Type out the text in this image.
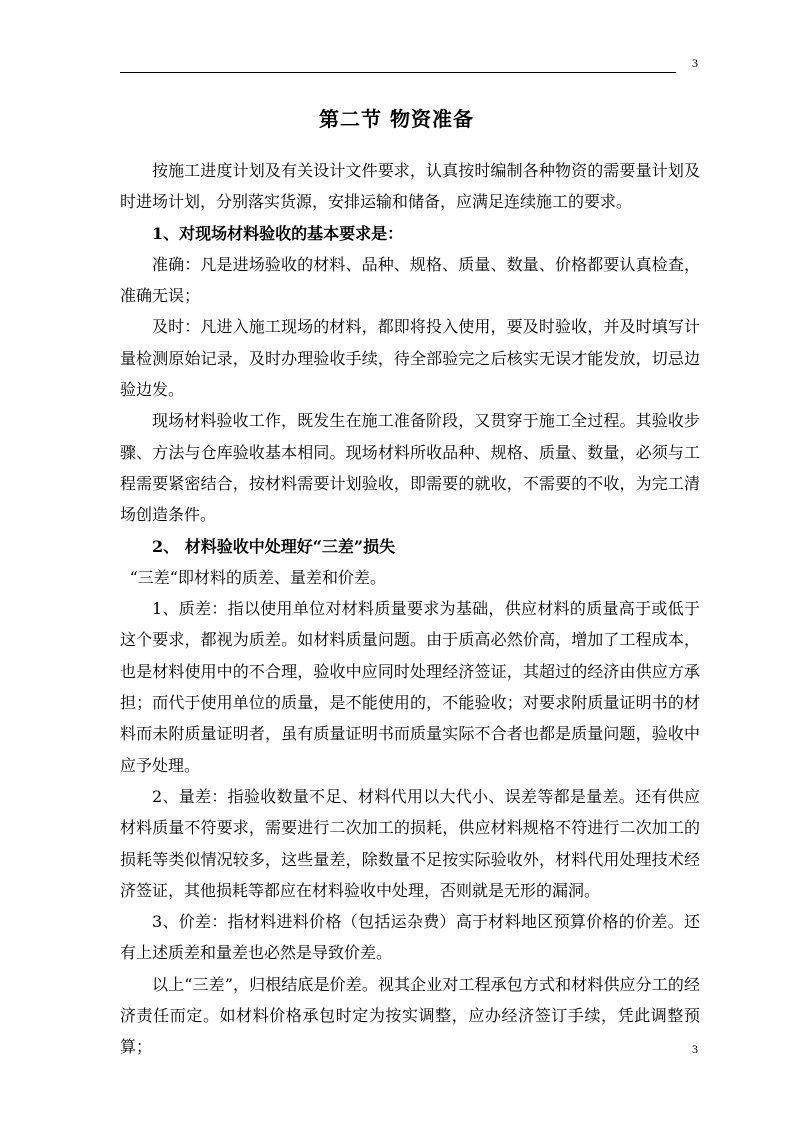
3
第二节 物资准备

按施工进度计划及有关设计文件要求，认真按时编制各种物资的需要量计划及时进场计划，分别落实货源，安排运输和储备，应满足连续施工的要求。

1、对现场材料验收的基本要求是：

准确：凡是进场验收的材料、品种、规格、质量、数量、价格都要认真检查，准确无误；

及时：凡进入施工现场的材料，都即将投入使用，要及时验收，并及时填写计量检测原始记录，及时办理验收手续，待全部验完之后核实无误才能发放，切忌边验边发。

现场材料验收工作，既发生在施工准备阶段，又贯穿于施工全过程。其验收步骤、方法与仓库验收基本相同。现场材料所收品种、规格、质量、数量，必须与工程需要紧密结合，按材料需要计划验收，即需要的就收，不需要的不收，为完工清场创造条件。

2、 材料验收中处理好“三差”损失

“三差“即材料的质差、量差和价差。

1、质差：指以使用单位对材料质量要求为基础，供应材料的质量高于或低于这个要求，都视为质差。如材料质量问题。由于质高必然价高，增加了工程成本，也是材料使用中的不合理，验收中应同时处理经济签证，其超过的经济由供应方承担；而代于使用单位的质量，是不能使用的，不能验收；对要求附质量证明书的材料而未附质量证明者，虽有质量证明书而质量实际不合者也都是质量问题，验收中应予处理。

2、量差：指验收数量不足、材料代用以大代小、误差等都是量差。还有供应材料质量不符要求，需要进行二次加工的损耗，供应材料规格不符进行二次加工的损耗等类似情况较多，这些量差，除数量不足按实际验收外，材料代用处理技术经济签证，其他损耗等都应在材料验收中处理，否则就是无形的漏洞。

3、价差：指材料进料价格（包括运杂费）高于材料地区预算价格的价差。还有上述质差和量差也必然是导致价差。

以上“三差”，归根结底是价差。视其企业对工程承包方式和材料供应分工的经济责任而定。如材料价格承包时定为按实调整，应办经济签订手续，凭此调整预算；	3
